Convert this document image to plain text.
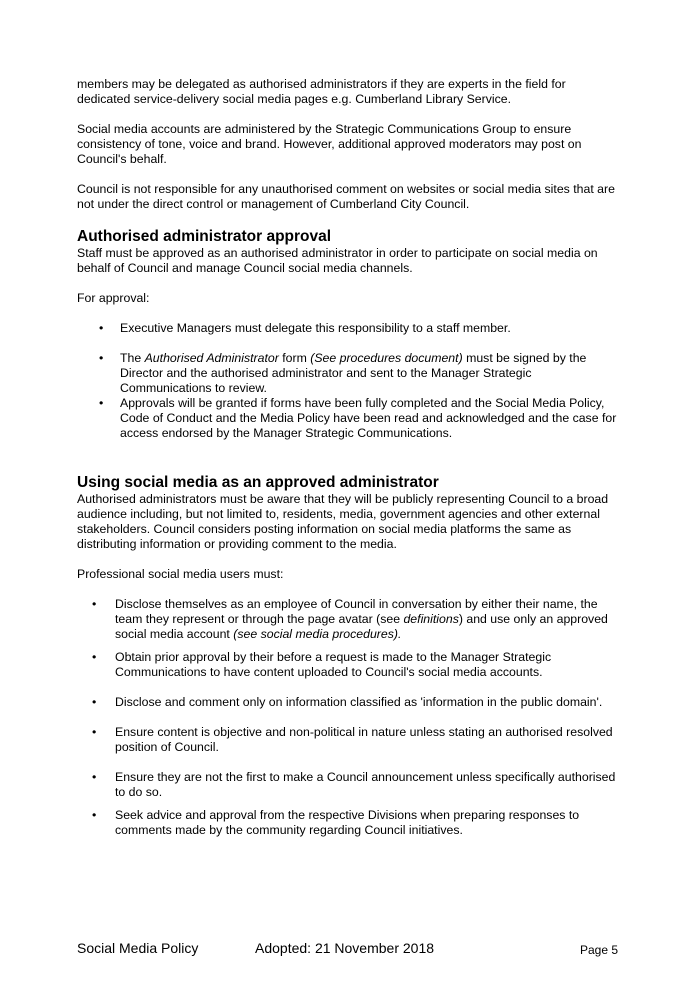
members may be delegated as authorised administrators if they are experts in the field for dedicated service-delivery social media pages e.g. Cumberland Library Service.

Social media accounts are administered by the Strategic Communications Group to ensure consistency of tone, voice and brand. However, additional approved moderators may post on Council's behalf.

Council is not responsible for any unauthorised comment on websites or social media sites that are not under the direct control or management of Cumberland City Council.

Authorised administrator approval

Staff must be approved as an authorised administrator in order to participate on social media on behalf of Council and manage Council social media channels.

For approval:

• Executive Managers must delegate this responsibility to a staff member.
• The Authorised Administrator form (See procedures document) must be signed by the Director and the authorised administrator and sent to the Manager Strategic Communications to review.
• Approvals will be granted if forms have been fully completed and the Social Media Policy, Code of Conduct and the Media Policy have been read and acknowledged and the case for access endorsed by the Manager Strategic Communications.
Using social media as an approved administrator

Authorised administrators must be aware that they will be publicly representing Council to a broad audience including, but not limited to, residents, media, government agencies and other external stakeholders. Council considers posting information on social media platforms the same as distributing information or providing comment to the media.

Professional social media users must:

• Disclose themselves as an employee of Council in conversation by either their name, the team they represent or through the page avatar (see definitions) and use only an approved social media account (see social media procedures).
• Obtain prior approval by their before a request is made to the Manager Strategic Communications to have content uploaded to Council's social media accounts.
• Disclose and comment only on information classified as 'information in the public domain'.
• Ensure content is objective and non-political in nature unless stating an authorised resolved position of Council.
• Ensure they are not the first to make a Council announcement unless specifically authorised to do so.
• Seek advice and approval from the respective Divisions when preparing responses to comments made by the community regarding Council initiatives.
Social Media Policy	Adopted: 21 November 2018	Page 5
